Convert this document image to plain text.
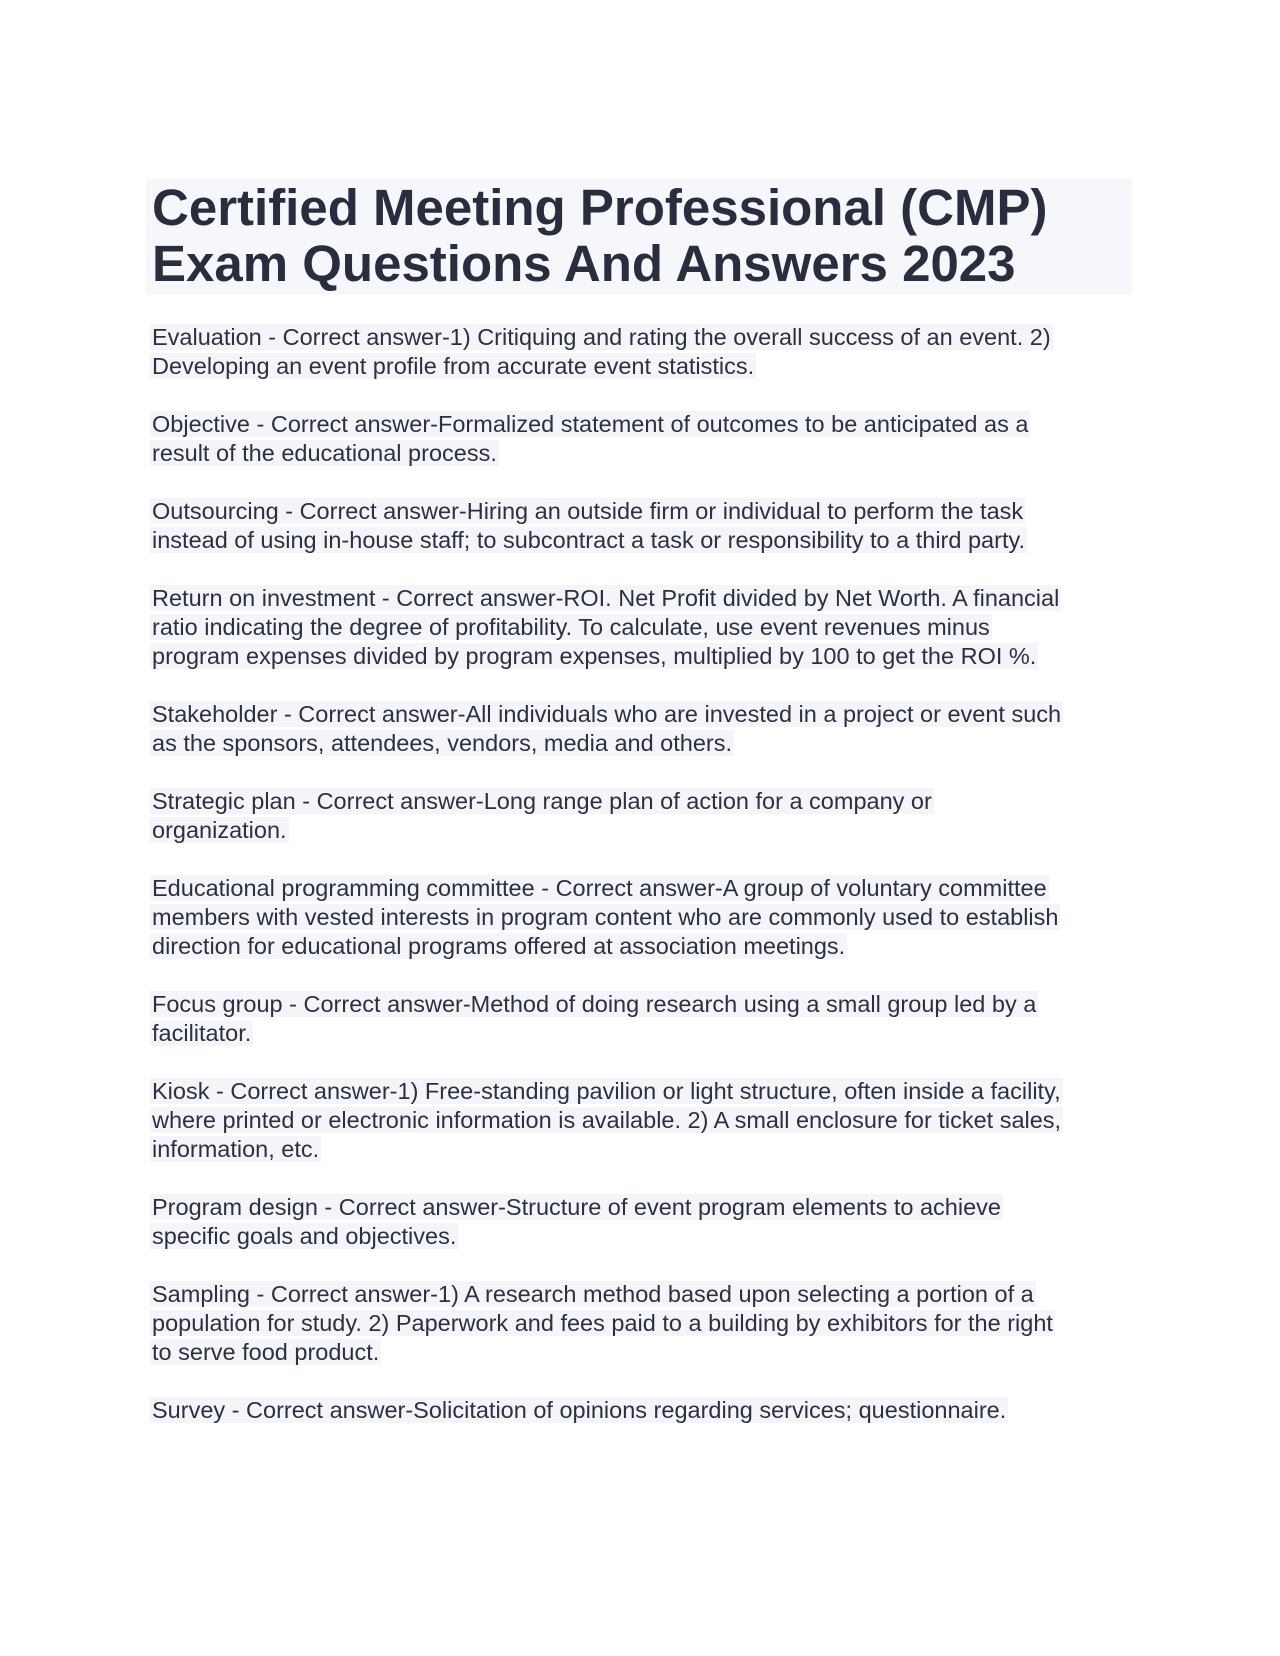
Certified Meeting Professional (CMP)
Exam Questions And Answers 2023
Evaluation - Correct answer-1) Critiquing and rating the overall success of an event. 2)
Developing an event profile from accurate event statistics.
Objective - Correct answer-Formalized statement of outcomes to be anticipated as a
result of the educational process.
Outsourcing - Correct answer-Hiring an outside firm or individual to perform the task
instead of using in-house staff; to subcontract a task or responsibility to a third party.
Return on investment - Correct answer-ROI. Net Profit divided by Net Worth. A financial
ratio indicating the degree of profitability. To calculate, use event revenues minus
program expenses divided by program expenses, multiplied by 100 to get the ROI %.
Stakeholder - Correct answer-All individuals who are invested in a project or event such
as the sponsors, attendees, vendors, media and others.
Strategic plan - Correct answer-Long range plan of action for a company or
organization.
Educational programming committee - Correct answer-A group of voluntary committee
members with vested interests in program content who are commonly used to establish
direction for educational programs offered at association meetings.
Focus group - Correct answer-Method of doing research using a small group led by a
facilitator.
Kiosk - Correct answer-1) Free-standing pavilion or light structure, often inside a facility,
where printed or electronic information is available. 2) A small enclosure for ticket sales,
information, etc.
Program design - Correct answer-Structure of event program elements to achieve
specific goals and objectives.
Sampling - Correct answer-1) A research method based upon selecting a portion of a
population for study. 2) Paperwork and fees paid to a building by exhibitors for the right
to serve food product.
Survey - Correct answer-Solicitation of opinions regarding services; questionnaire.
